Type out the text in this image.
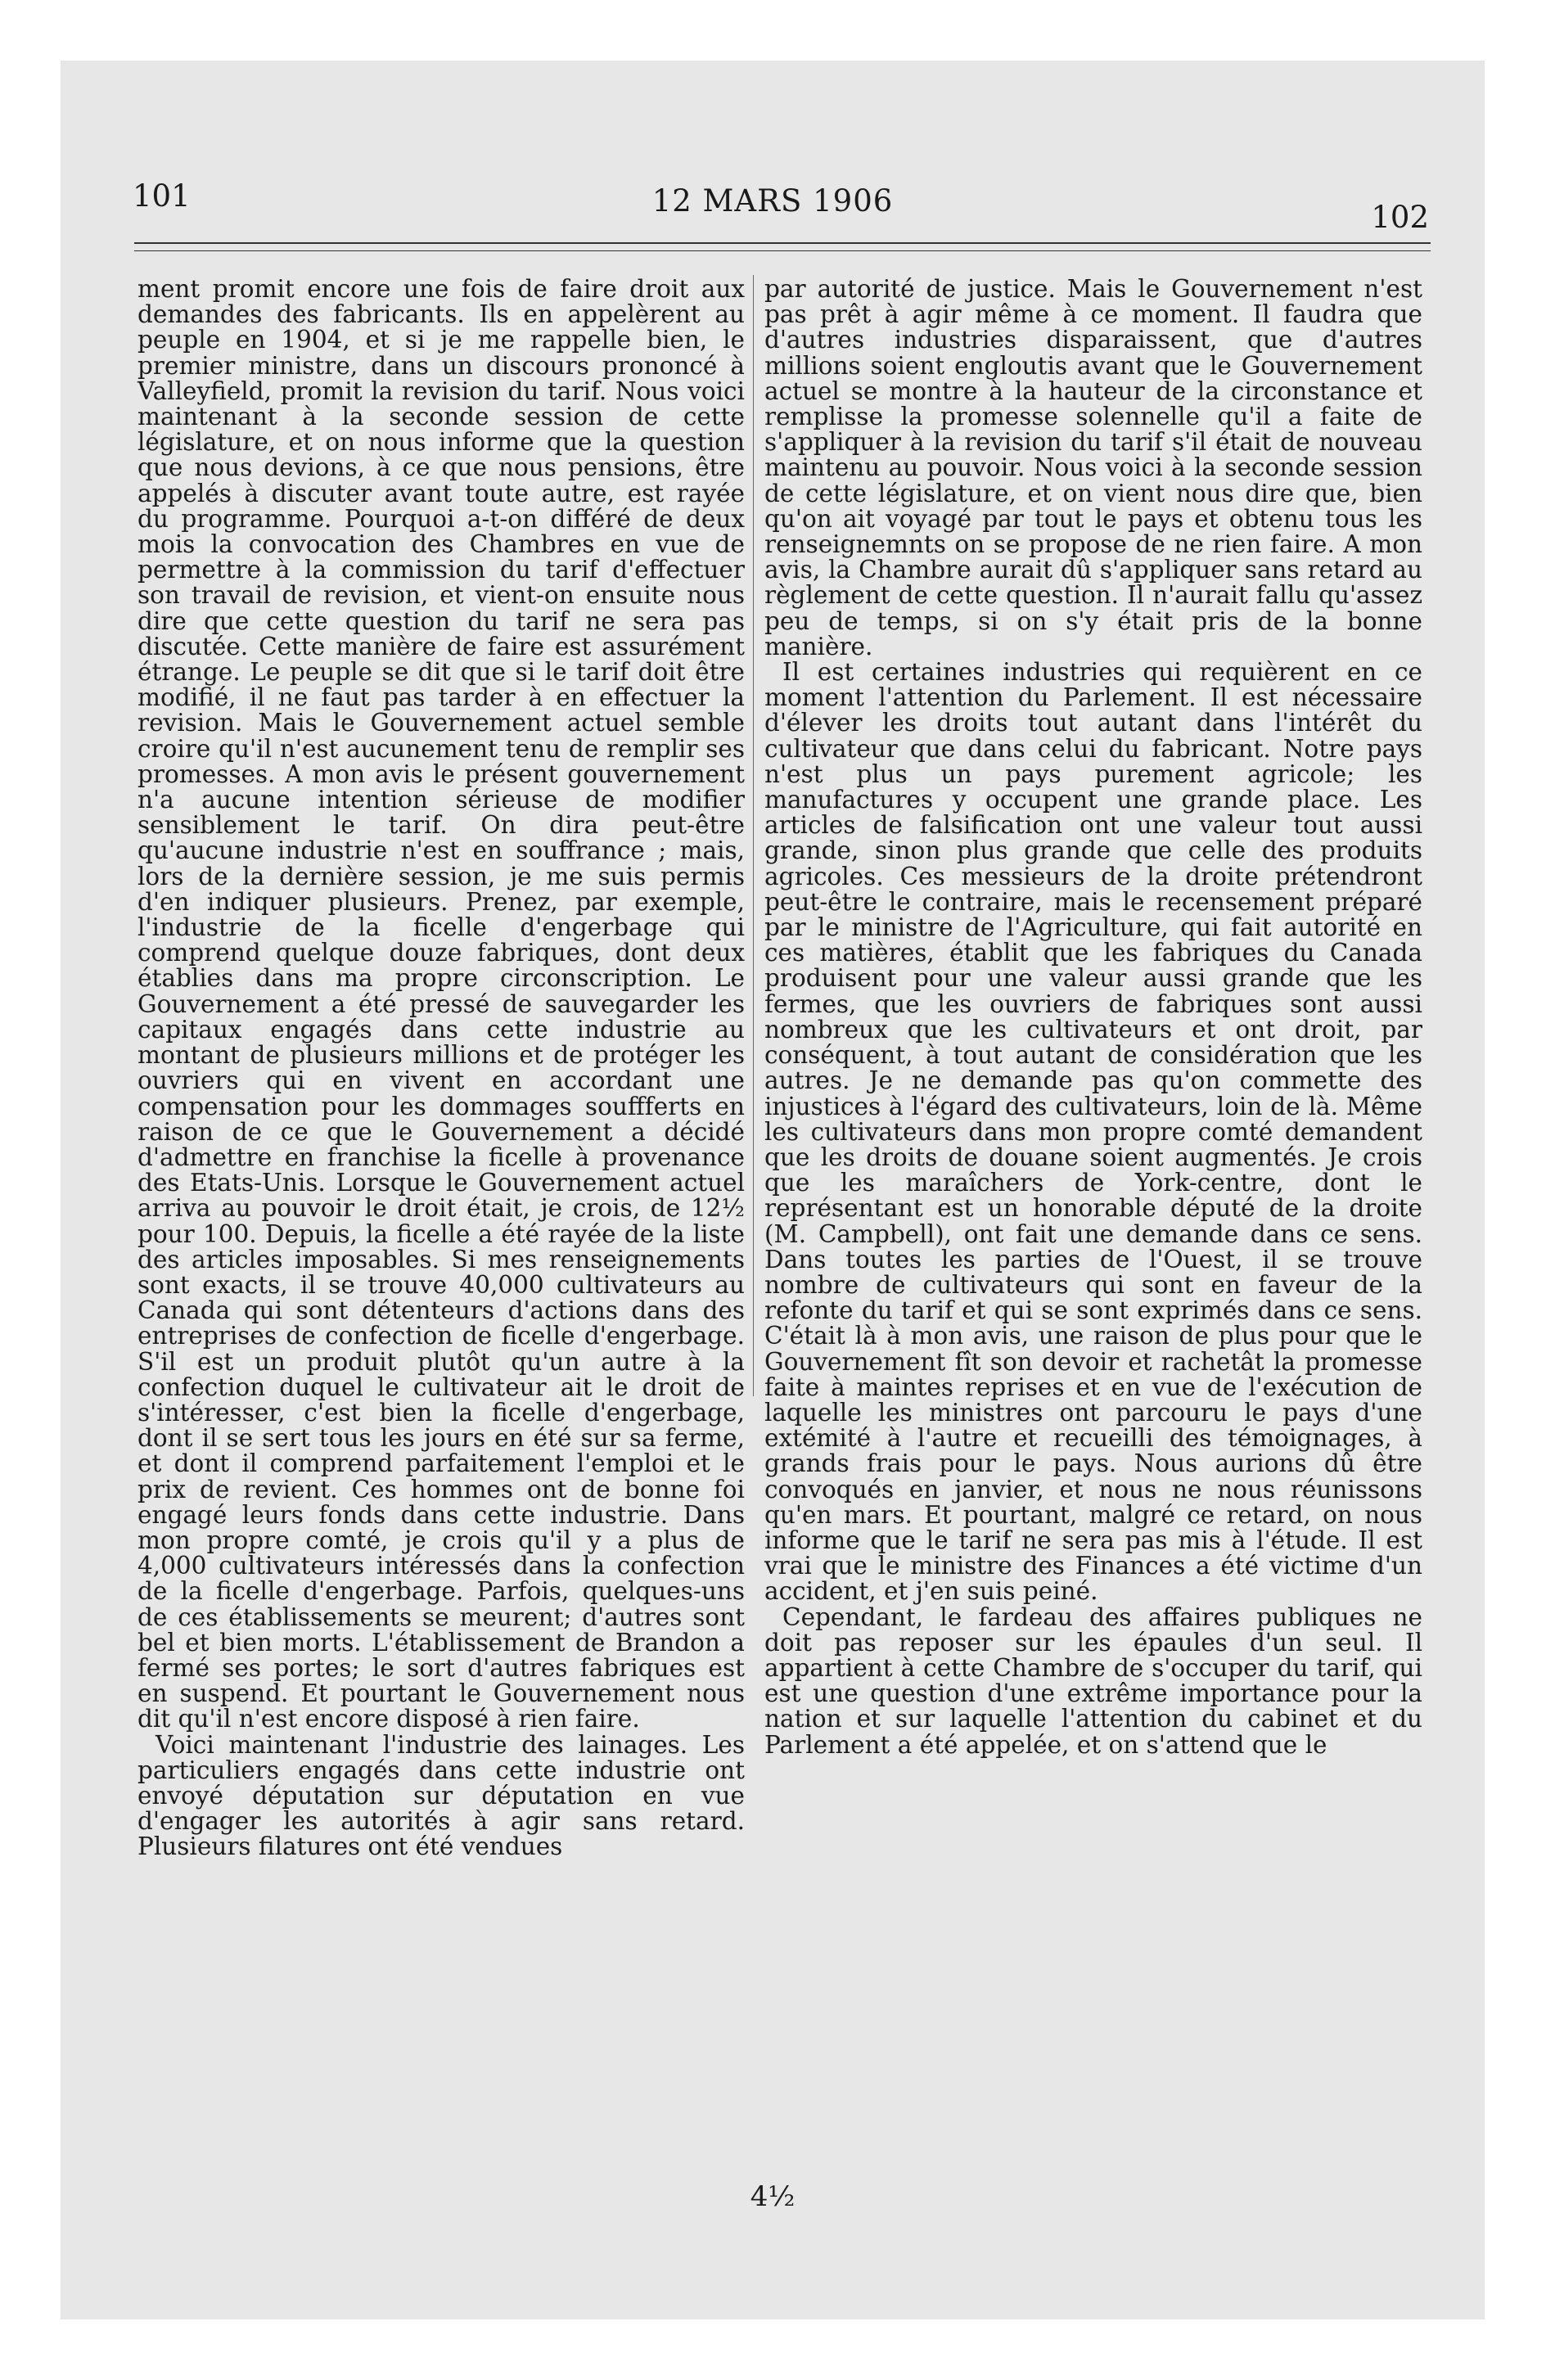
101	12 MARS 1906	102

ment promit encore une fois de faire droit aux demandes des fabricants. Ils en appelèrent au peuple en 1904, et si je me rappelle bien, le premier ministre, dans un discours prononcé à Valleyfield, promit la revision du tarif. Nous voici maintenant à la seconde session de cette législature, et on nous informe que la question que nous devions, à ce que nous pensions, être appelés à discuter avant toute autre, est rayée du programme. Pourquoi a-t-on différé de deux mois la convocation des Chambres en vue de permettre à la commission du tarif d'effectuer son travail de revision, et vient-on ensuite nous dire que cette question du tarif ne sera pas discutée. Cette manière de faire est assurément étrange. Le peuple se dit que si le tarif doit être modifié, il ne faut pas tarder à en effectuer la revision. Mais le Gouvernement actuel semble croire qu'il n'est aucunement tenu de remplir ses promesses. A mon avis le présent gouvernement n'a aucune intention sérieuse de modifier sensiblement le tarif. On dira peut-être qu'aucune industrie n'est en souffrance ; mais, lors de la dernière session, je me suis permis d'en indiquer plusieurs. Prenez, par exemple, l'industrie de la ficelle d'engerbage qui comprend quelque douze fabriques, dont deux établies dans ma propre circonscription. Le Gouvernement a été pressé de sauvegarder les capitaux engagés dans cette industrie au montant de plusieurs millions et de protéger les ouvriers qui en vivent en accordant une compensation pour les dommages souffferts en raison de ce que le Gouvernement a décidé d'admettre en franchise la ficelle à provenance des Etats-Unis. Lorsque le Gouvernement actuel arriva au pouvoir le droit était, je crois, de 12½ pour 100. Depuis, la ficelle a été rayée de la liste des articles imposables. Si mes renseignements sont exacts, il se trouve 40,000 cultivateurs au Canada qui sont détenteurs d'actions dans des entreprises de confection de ficelle d'engerbage. S'il est un produit plutôt qu'un autre à la confection duquel le cultivateur ait le droit de s'intéresser, c'est bien la ficelle d'engerbage, dont il se sert tous les jours en été sur sa ferme, et dont il comprend parfaitement l'emploi et le prix de revient. Ces hommes ont de bonne foi engagé leurs fonds dans cette industrie. Dans mon propre comté, je crois qu'il y a plus de 4,000 cultivateurs intéressés dans la confection de la ficelle d'engerbage. Parfois, quelques-uns de ces établissements se meurent; d'autres sont bel et bien morts. L'établissement de Brandon a fermé ses portes; le sort d'autres fabriques est en suspend. Et pourtant le Gouvernement nous dit qu'il n'est encore disposé à rien faire.

Voici maintenant l'industrie des lainages. Les particuliers engagés dans cette industrie ont envoyé députation sur députation en vue d'engager les autorités à agir sans retard. Plusieurs filatures ont été vendues

par autorité de justice. Mais le Gouvernement n'est pas prêt à agir même à ce moment. Il faudra que d'autres industries disparaissent, que d'autres millions soient engloutis avant que le Gouvernement actuel se montre à la hauteur de la circonstance et remplisse la promesse solennelle qu'il a faite de s'appliquer à la revision du tarif s'il était de nouveau maintenu au pouvoir. Nous voici à la seconde session de cette législature, et on vient nous dire que, bien qu'on ait voyagé par tout le pays et obtenu tous les renseignemnts on se propose de ne rien faire. A mon avis, la Chambre aurait dû s'appliquer sans retard au règlement de cette question. Il n'aurait fallu qu'assez peu de temps, si on s'y était pris de la bonne manière.

Il est certaines industries qui requièrent en ce moment l'attention du Parlement. Il est nécessaire d'élever les droits tout autant dans l'intérêt du cultivateur que dans celui du fabricant. Notre pays n'est plus un pays purement agricole; les manufactures y occupent une grande place. Les articles de falsification ont une valeur tout aussi grande, sinon plus grande que celle des produits agricoles. Ces messieurs de la droite prétendront peut-être le contraire, mais le recensement préparé par le ministre de l'Agriculture, qui fait autorité en ces matières, établit que les fabriques du Canada produisent pour une valeur aussi grande que les fermes, que les ouvriers de fabriques sont aussi nombreux que les cultivateurs et ont droit, par conséquent, à tout autant de considération que les autres. Je ne demande pas qu'on commette des injustices à l'égard des cultivateurs, loin de là. Même les cultivateurs dans mon propre comté demandent que les droits de douane soient augmentés. Je crois que les maraîchers de York-centre, dont le représentant est un honorable député de la droite (M. Campbell), ont fait une demande dans ce sens. Dans toutes les parties de l'Ouest, il se trouve nombre de cultivateurs qui sont en faveur de la refonte du tarif et qui se sont exprimés dans ce sens. C'était là à mon avis, une raison de plus pour que le Gouvernement fît son devoir et rachetât la promesse faite à maintes reprises et en vue de l'exécution de laquelle les ministres ont parcouru le pays d'une extémité à l'autre et recueilli des témoignages, à grands frais pour le pays. Nous aurions dû être convoqués en janvier, et nous ne nous réunissons qu'en mars. Et pourtant, malgré ce retard, on nous informe que le tarif ne sera pas mis à l'étude. Il est vrai que le ministre des Finances a été victime d'un accident, et j'en suis peiné.

Cependant, le fardeau des affaires publiques ne doit pas reposer sur les épaules d'un seul. Il appartient à cette Chambre de s'occuper du tarif, qui est une question d'une extrême importance pour la nation et sur laquelle l'attention du cabinet et du Parlement a été appelée, et on s'attend que le

4½
